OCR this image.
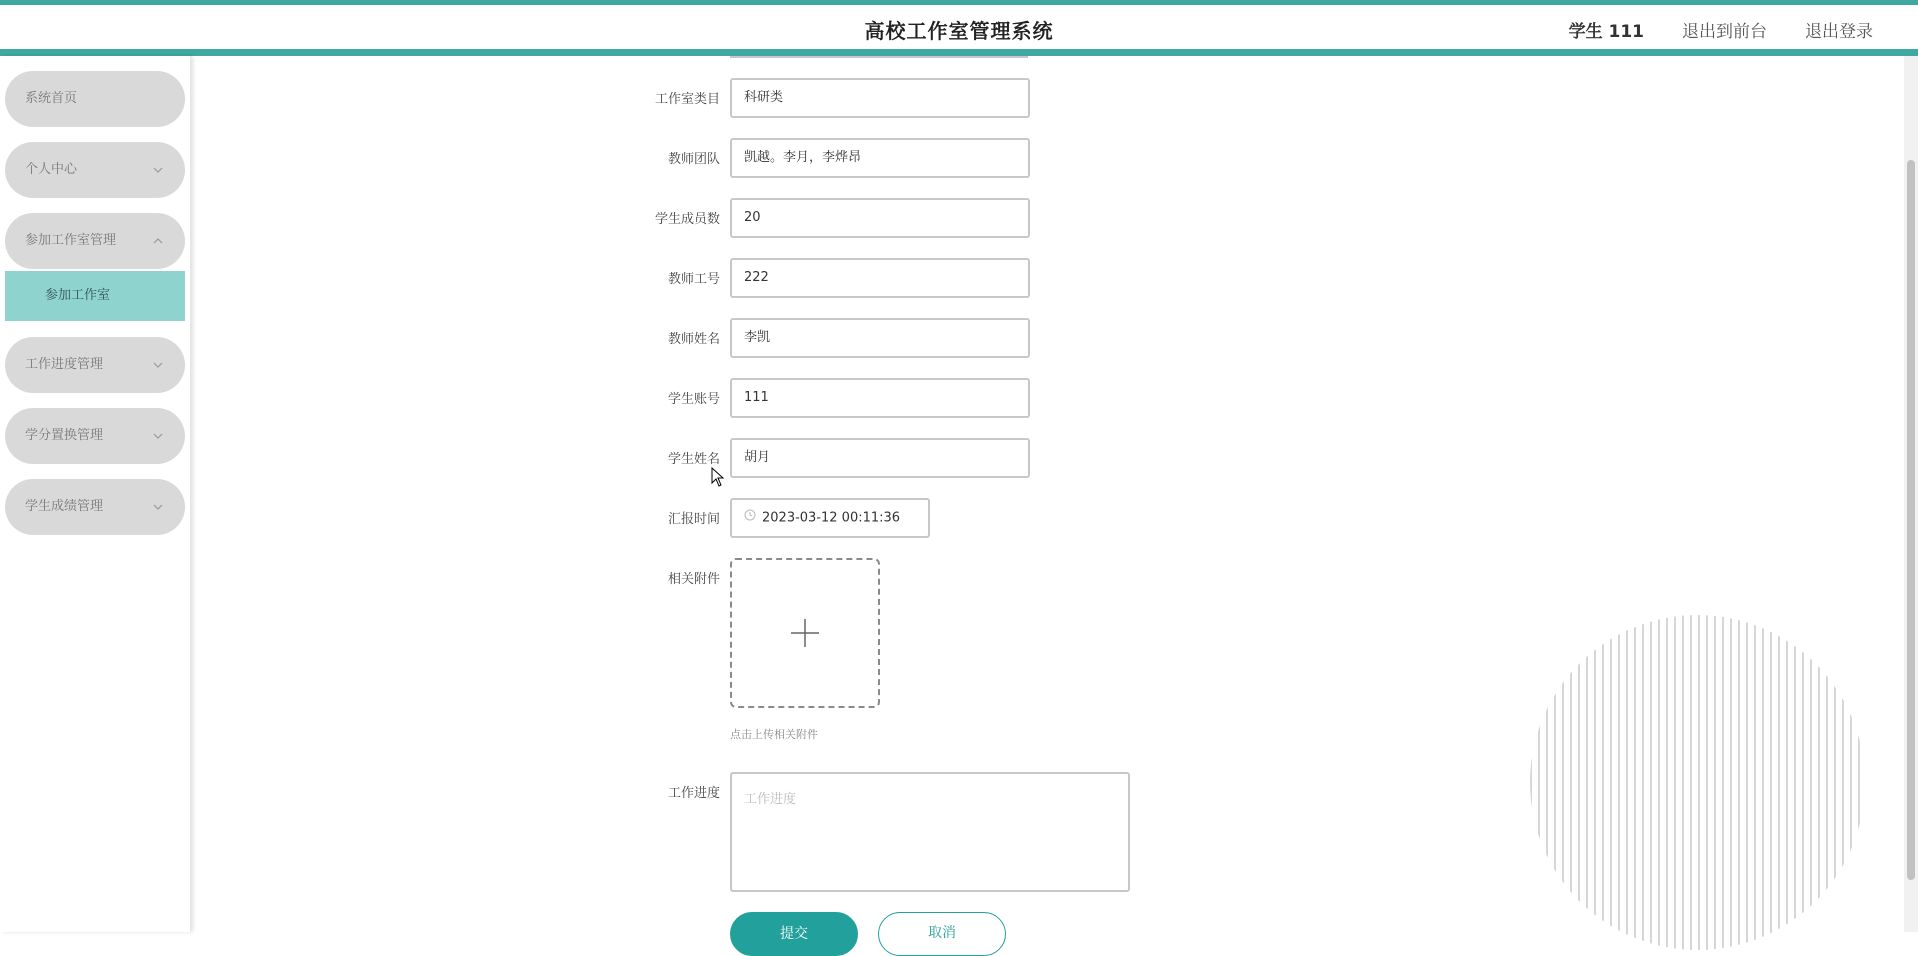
高校工作室管理系统	学生 111 退出到前台 退出登录
系统首页
个人中心
参加工作室管理
参加工作室
工作进度管理
学分置换管理
学生成绩管理
工作室类目	科研类
教师团队	凯越。李月，李烨昂
学生成员数	20
教师工号	222
教师姓名	李凯
学生账号	111
学生姓名	胡月
汇报时间	2023-03-12 00:11:36
相关附件
点击上传相关附件
工作进度	工作进度
提交	取消
